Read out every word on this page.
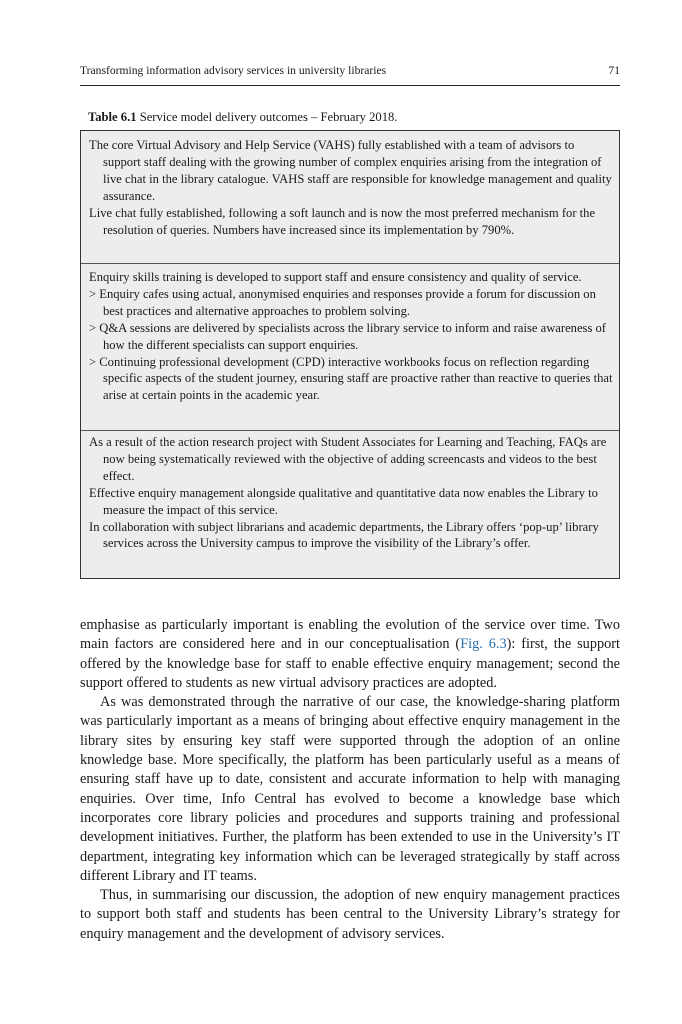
Transforming information advisory services in university libraries	71
Table 6.1 Service model delivery outcomes – February 2018.

The core Virtual Advisory and Help Service (VAHS) fully established with a team of advisors to support staff dealing with the growing number of complex enquiries arising from the integration of live chat in the library catalogue. VAHS staff are responsible for knowledge management and quality assurance.

Live chat fully established, following a soft launch and is now the most preferred mechanism for the resolution of queries. Numbers have increased since its implementation by 790%.

Enquiry skills training is developed to support staff and ensure consistency and quality of service.

> Enquiry cafes using actual, anonymised enquiries and responses provide a forum for discussion on best practices and alternative approaches to problem solving.

> Q&A sessions are delivered by specialists across the library service to inform and raise awareness of how the different specialists can support enquiries.

> Continuing professional development (CPD) interactive workbooks focus on reflection regarding specific aspects of the student journey, ensuring staff are proactive rather than reactive to queries that arise at certain points in the academic year.

As a result of the action research project with Student Associates for Learning and Teaching, FAQs are now being systematically reviewed with the objective of adding screencasts and videos to the best effect.

Effective enquiry management alongside qualitative and quantitative data now enables the Library to measure the impact of this service.

In collaboration with subject librarians and academic departments, the Library offers ‘pop-up’ library services across the University campus to improve the visibility of the Library’s offer.

emphasise as particularly important is enabling the evolution of the service over time. Two main factors are considered here and in our conceptualisation (Fig. 6.3): first, the support offered by the knowledge base for staff to enable effective enquiry management; second the support offered to students as new virtual advisory practices are adopted.

As was demonstrated through the narrative of our case, the knowledge-sharing platform was particularly important as a means of bringing about effective enquiry management in the library sites by ensuring key staff were supported through the adoption of an online knowledge base. More specifically, the platform has been particularly useful as a means of ensuring staff have up to date, consistent and accurate information to help with managing enquiries. Over time, Info Central has evolved to become a knowledge base which incorporates core library policies and procedures and supports training and professional development initiatives. Further, the platform has been extended to use in the University’s IT department, integrating key information which can be leveraged strategically by staff across different Library and IT teams.

Thus, in summarising our discussion, the adoption of new enquiry management practices to support both staff and students has been central to the University Library’s strategy for enquiry management and the development of advisory services.
